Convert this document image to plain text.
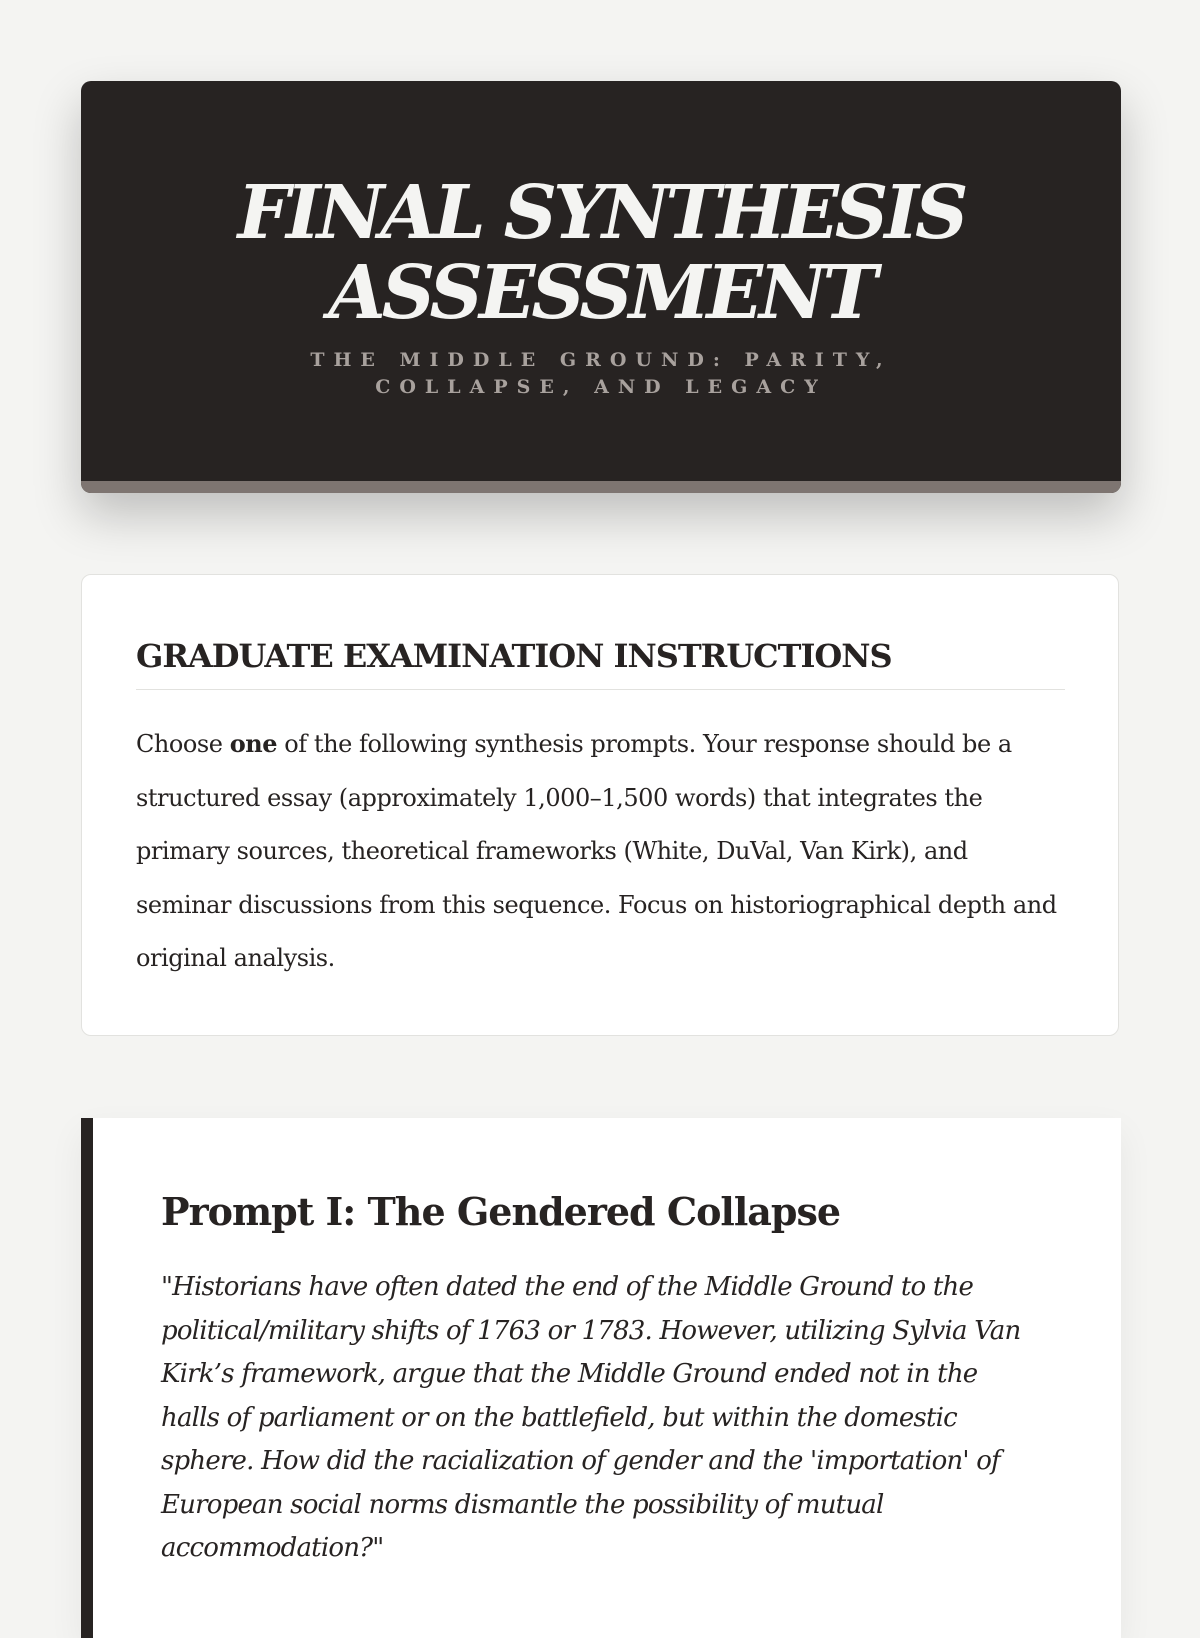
FINAL SYNTHESIS ASSESSMENT

THE MIDDLE GROUND: PARITY, COLLAPSE, AND LEGACY

GRADUATE EXAMINATION INSTRUCTIONS

Choose one of the following synthesis prompts. Your response should be a structured essay (approximately 1,000–1,500 words) that integrates the primary sources, theoretical frameworks (White, DuVal, Van Kirk), and seminar discussions from this sequence. Focus on historiographical depth and original analysis.

Prompt I: The Gendered Collapse

"Historians have often dated the end of the Middle Ground to the political/military shifts of 1763 or 1783. However, utilizing Sylvia Van Kirk’s framework, argue that the Middle Ground ended not in the halls of parliament or on the battlefield, but within the domestic sphere. How did the racialization of gender and the 'importation' of European social norms dismantle the possibility of mutual accommodation?"
